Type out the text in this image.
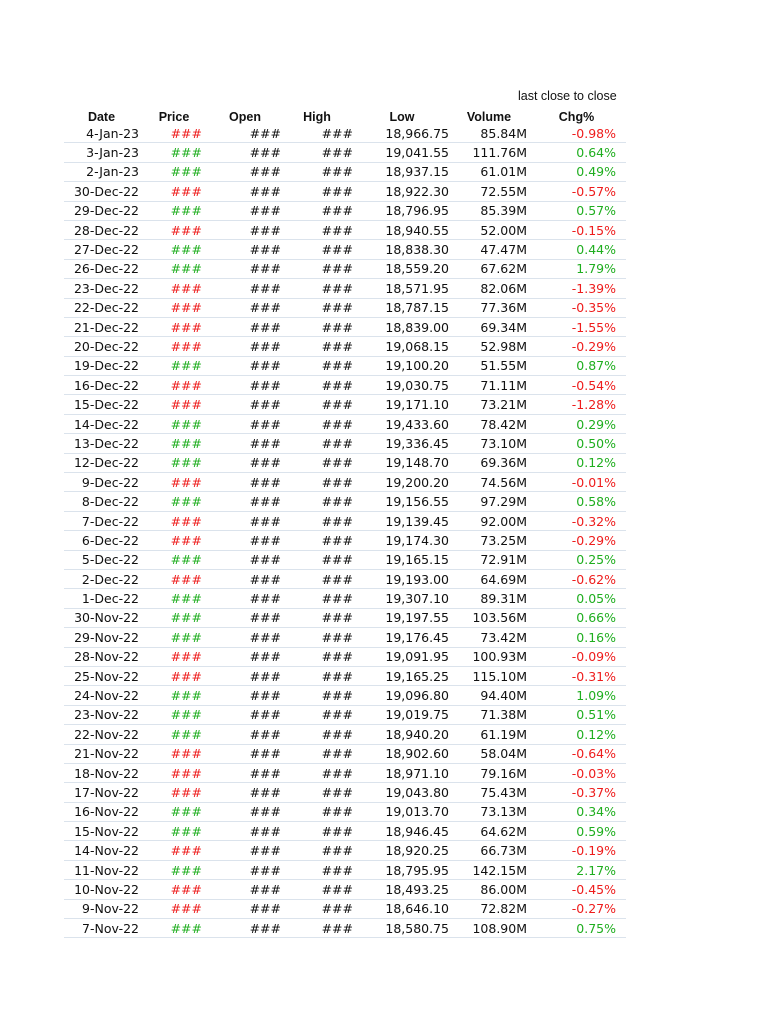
last close to close
Date	Price	Open	High	Low	Volume	Chg%
4-Jan-23	###	###	###	18,966.75	85.84M	-0.98%
3-Jan-23	###	###	###	19,041.55	111.76M	0.64%
2-Jan-23	###	###	###	18,937.15	61.01M	0.49%
30-Dec-22	###	###	###	18,922.30	72.55M	-0.57%
29-Dec-22	###	###	###	18,796.95	85.39M	0.57%
28-Dec-22	###	###	###	18,940.55	52.00M	-0.15%
27-Dec-22	###	###	###	18,838.30	47.47M	0.44%
26-Dec-22	###	###	###	18,559.20	67.62M	1.79%
23-Dec-22	###	###	###	18,571.95	82.06M	-1.39%
22-Dec-22	###	###	###	18,787.15	77.36M	-0.35%
21-Dec-22	###	###	###	18,839.00	69.34M	-1.55%
20-Dec-22	###	###	###	19,068.15	52.98M	-0.29%
19-Dec-22	###	###	###	19,100.20	51.55M	0.87%
16-Dec-22	###	###	###	19,030.75	71.11M	-0.54%
15-Dec-22	###	###	###	19,171.10	73.21M	-1.28%
14-Dec-22	###	###	###	19,433.60	78.42M	0.29%
13-Dec-22	###	###	###	19,336.45	73.10M	0.50%
12-Dec-22	###	###	###	19,148.70	69.36M	0.12%
9-Dec-22	###	###	###	19,200.20	74.56M	-0.01%
8-Dec-22	###	###	###	19,156.55	97.29M	0.58%
7-Dec-22	###	###	###	19,139.45	92.00M	-0.32%
6-Dec-22	###	###	###	19,174.30	73.25M	-0.29%
5-Dec-22	###	###	###	19,165.15	72.91M	0.25%
2-Dec-22	###	###	###	19,193.00	64.69M	-0.62%
1-Dec-22	###	###	###	19,307.10	89.31M	0.05%
30-Nov-22	###	###	###	19,197.55	103.56M	0.66%
29-Nov-22	###	###	###	19,176.45	73.42M	0.16%
28-Nov-22	###	###	###	19,091.95	100.93M	-0.09%
25-Nov-22	###	###	###	19,165.25	115.10M	-0.31%
24-Nov-22	###	###	###	19,096.80	94.40M	1.09%
23-Nov-22	###	###	###	19,019.75	71.38M	0.51%
22-Nov-22	###	###	###	18,940.20	61.19M	0.12%
21-Nov-22	###	###	###	18,902.60	58.04M	-0.64%
18-Nov-22	###	###	###	18,971.10	79.16M	-0.03%
17-Nov-22	###	###	###	19,043.80	75.43M	-0.37%
16-Nov-22	###	###	###	19,013.70	73.13M	0.34%
15-Nov-22	###	###	###	18,946.45	64.62M	0.59%
14-Nov-22	###	###	###	18,920.25	66.73M	-0.19%
11-Nov-22	###	###	###	18,795.95	142.15M	2.17%
10-Nov-22	###	###	###	18,493.25	86.00M	-0.45%
9-Nov-22	###	###	###	18,646.10	72.82M	-0.27%
7-Nov-22	###	###	###	18,580.75	108.90M	0.75%
